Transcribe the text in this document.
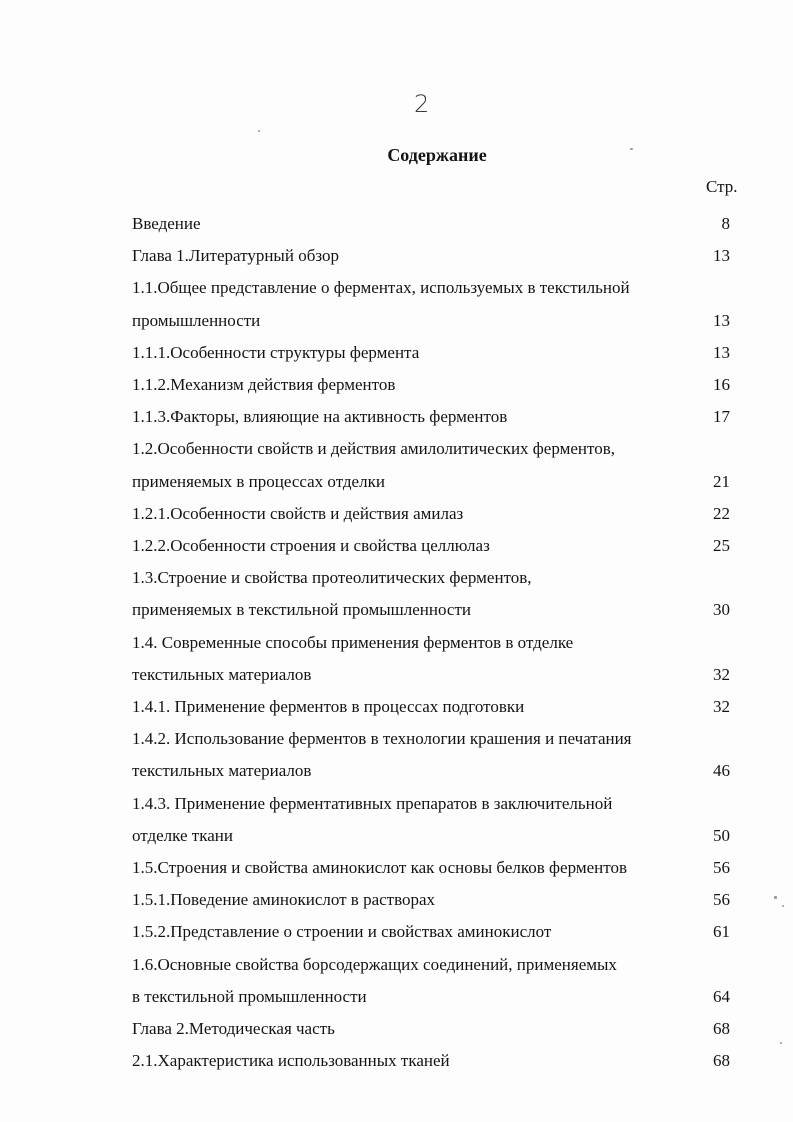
2
Содержание
Стр.
Введение	8
Глава 1.Литературный обзор	13
1.1.Общее представление о ферментах, используемых в текстильной
промышленности	13
1.1.1.Особенности структуры фермента	13
1.1.2.Механизм действия ферментов	16
1.1.3.Факторы, влияющие на активность ферментов	17
1.2.Особенности свойств и действия амилолитических ферментов,
применяемых в процессах отделки	21
1.2.1.Особенности свойств и действия амилаз	22
1.2.2.Особенности строения и свойства целлюлаз	25
1.3.Строение и свойства протеолитических ферментов,
применяемых в текстильной промышленности	30
1.4. Современные способы применения ферментов в отделке
текстильных материалов	32
1.4.1. Применение ферментов в процессах подготовки	32
1.4.2. Использование ферментов в технологии крашения и печатания
текстильных материалов	46
1.4.3. Применение ферментативных препаратов в заключительной
отделке ткани	50
1.5.Строения и свойства аминокислот как основы белков ферментов	56
1.5.1.Поведение аминокислот в растворах	56
1.5.2.Представление о строении и свойствах аминокислот	61
1.6.Основные свойства борсодержащих соединений, применяемых
в текстильной промышленности	64
Глава 2.Методическая часть	68
2.1.Характеристика использованных тканей	68
